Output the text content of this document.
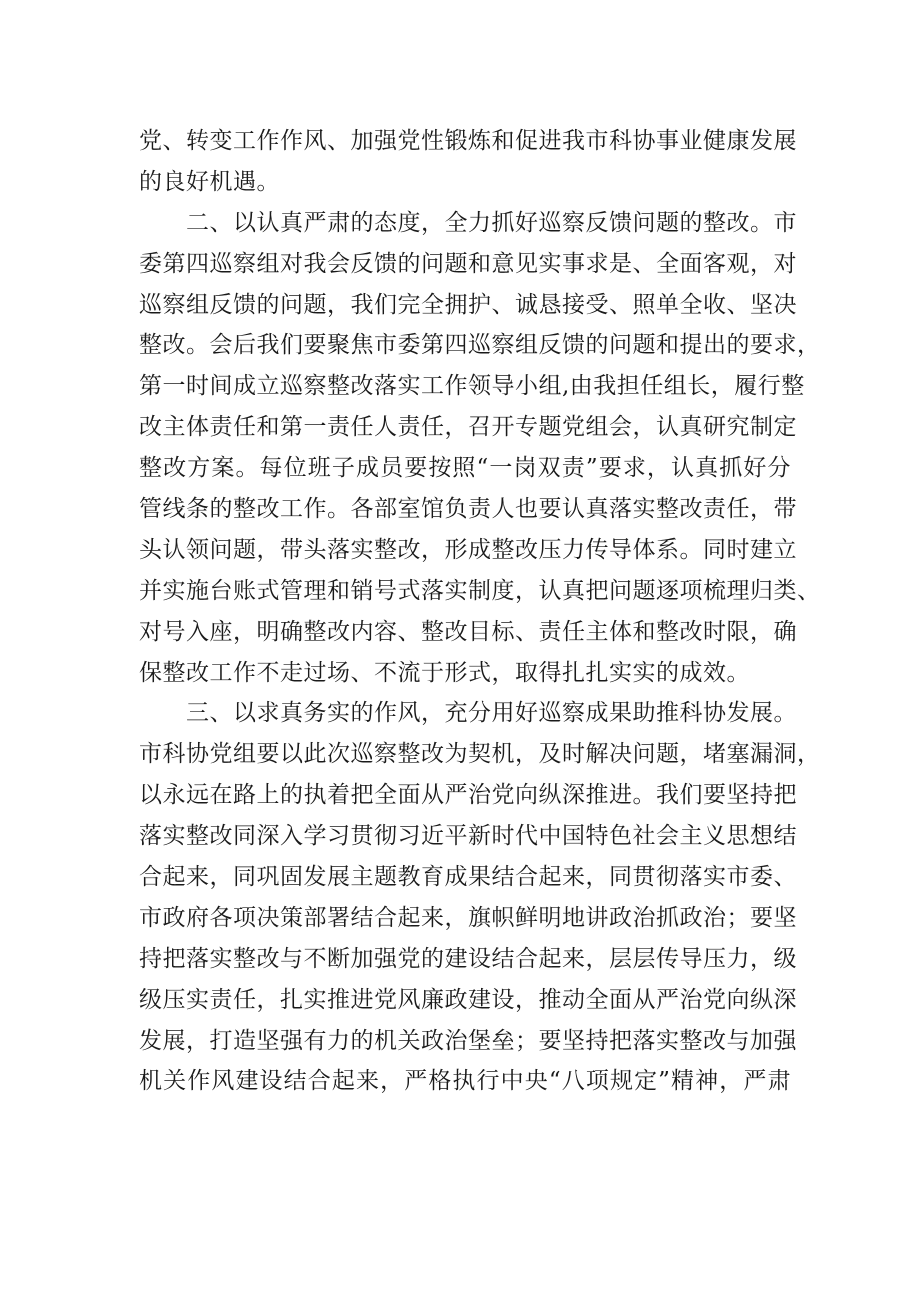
党、转变工作作风、加强党性锻炼和促进我市科协事业健康发展
的良好机遇。
二、以认真严肃的态度，全力抓好巡察反馈问题的整改。市
委第四巡察组对我会反馈的问题和意见实事求是、全面客观，对
巡察组反馈的问题，我们完全拥护、诚恳接受、照单全收、坚决
整改。会后我们要聚焦市委第四巡察组反馈的问题和提出的要求，
第一时间成立巡察整改落实工作领导小组,由我担任组长，履行整
改主体责任和第一责任人责任，召开专题党组会，认真研究制定
整改方案。每位班子成员要按照“一岗双责”要求，认真抓好分
管线条的整改工作。各部室馆负责人也要认真落实整改责任，带
头认领问题，带头落实整改，形成整改压力传导体系。同时建立
并实施台账式管理和销号式落实制度，认真把问题逐项梳理归类、
对号入座，明确整改内容、整改目标、责任主体和整改时限，确
保整改工作不走过场、不流于形式，取得扎扎实实的成效。
三、以求真务实的作风，充分用好巡察成果助推科协发展。
市科协党组要以此次巡察整改为契机，及时解决问题，堵塞漏洞，
以永远在路上的执着把全面从严治党向纵深推进。我们要坚持把
落实整改同深入学习贯彻习近平新时代中国特色社会主义思想结
合起来，同巩固发展主题教育成果结合起来，同贯彻落实市委、
市政府各项决策部署结合起来，旗帜鲜明地讲政治抓政治；要坚
持把落实整改与不断加强党的建设结合起来，层层传导压力，级
级压实责任，扎实推进党风廉政建设，推动全面从严治党向纵深
发展，打造坚强有力的机关政治堡垒；要坚持把落实整改与加强
机关作风建设结合起来，严格执行中央“八项规定”精神，严肃
